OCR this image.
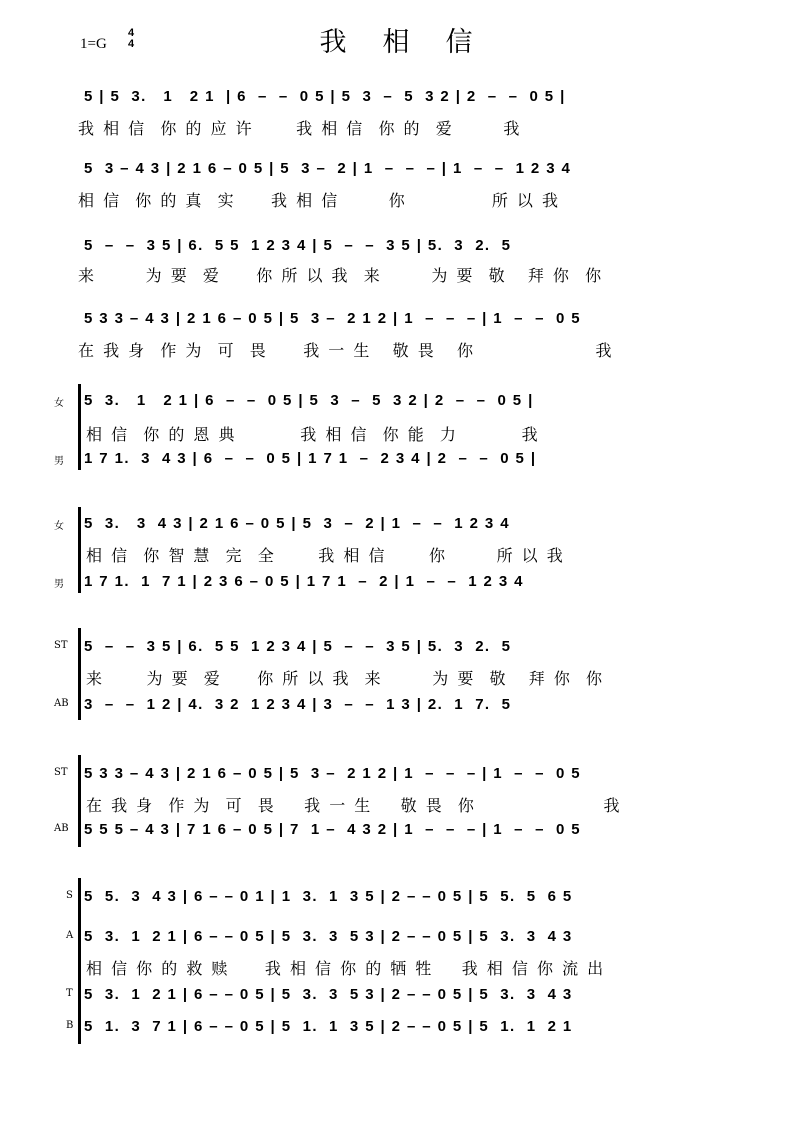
我相信
1=G
4
4
5 | 5  3.   1   2 1  | 6  –  –  0 5 | 5  3  –  5  3 2 | 2  –  –  0 5 |
我 相 信  你 的 应 许      我 相 信  你 的  爱       我
5  3 – 4 3 | 2 1 6 – 0 5 | 5  3 –  2 | 1  –  –  – | 1  –  –  1 2 3 4
相 信  你 的 真  实     我 相 信       你            所 以 我
5  –  –  3 5 | 6.  5 5  1 2 3 4 | 5  –  –  3 5 | 5.  3  2.  5
来       为 要  爱     你 所 以 我  来       为 要  敬   拜 你  你
5 3 3 – 4 3 | 2 1 6 – 0 5 | 5  3 –  2 1 2 | 1  –  –  – | 1  –  –  0 5
在 我 身  作 为  可  畏     我 一 生   敬 畏   你                 我
女 5  3.   1   2 1 | 6  –  –  0 5 | 5  3  –  5  3 2 | 2  –  –  0 5 |
相 信  你 的 恩 典         我 相 信  你 能  力         我
男 1 7 1.  3  4 3 | 6  –  –  0 5 | 1 7 1  –  2 3 4 | 2  –  –  0 5 |
女 5  3.   3  4 3 | 2 1 6 – 0 5 | 5  3  –  2 | 1  –  –  1 2 3 4
相 信  你 智 慧  完  全      我 相 信      你       所 以 我
男 1 7 1.  1  7 1 | 2 3 6 – 0 5 | 1 7 1  –  2 | 1  –  –  1 2 3 4
ST 5  –  –  3 5 | 6.  5 5  1 2 3 4 | 5  –  –  3 5 | 5.  3  2.  5
来      为 要  爱     你 所 以 我  来       为 要  敬   拜 你  你
AB 3  –  –  1 2 | 4.  3 2  1 2 3 4 | 3  –  –  1 3 | 2.  1  7.  5
ST 5 3 3 – 4 3 | 2 1 6 – 0 5 | 5  3 –  2 1 2 | 1  –  –  – | 1  –  –  0 5
在 我 身  作 为  可  畏    我 一 生    敬 畏  你                  我
AB 5 5 5 – 4 3 | 7 1 6 – 0 5 | 7  1 –  4 3 2 | 1  –  –  – | 1  –  –  0 5
S 5  5.  3  4 3 | 6 – – 0 1 | 1  3.  1  3 5 | 2 – – 0 5 | 5  5.  5  6 5
A 5  3.  1  2 1 | 6 – – 0 5 | 5  3.  3  5 3 | 2 – – 0 5 | 5  3.  3  4 3
相 信 你 的 救 赎     我 相 信 你 的 牺 牲    我 相 信 你 流 出
T 5  3.  1  2 1 | 6 – – 0 5 | 5  3.  3  5 3 | 2 – – 0 5 | 5  3.  3  4 3
B 5  1.  3  7 1 | 6 – – 0 5 | 5  1.  1  3 5 | 2 – – 0 5 | 5  1.  1  2 1
